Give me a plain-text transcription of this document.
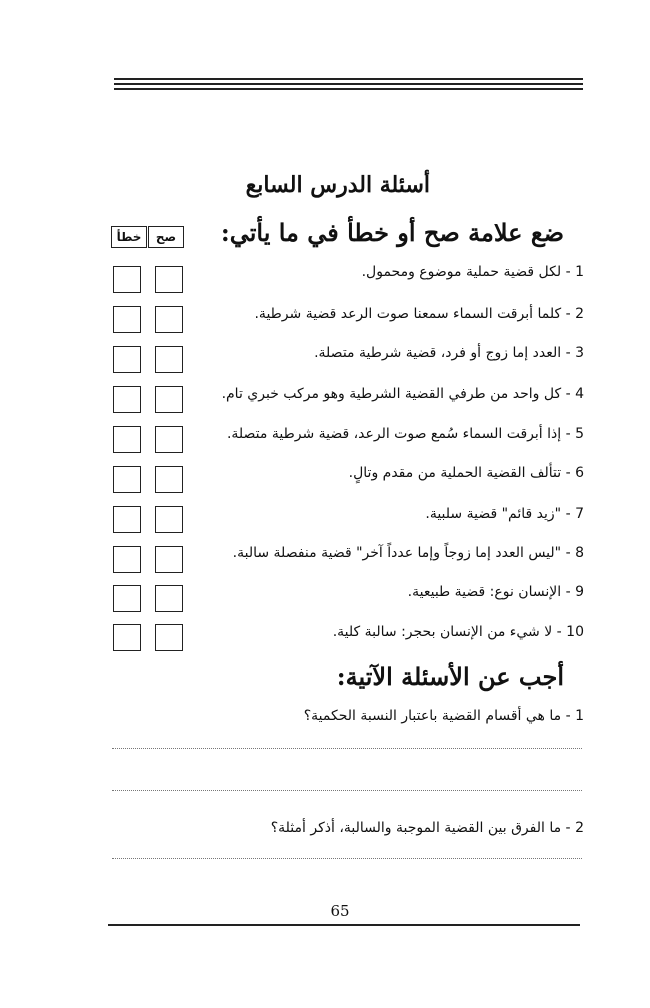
أسئلة الدرس السابع
ضع علامة صح أو خطأ في ما يأتي:
صح
خطأ
1 - لكل قضية حملية موضوع ومحمول.
2 - كلما أبرقت السماء سمعنا صوت الرعد قضية شرطية.
3 - العدد إما زوج أو فرد، قضية شرطية متصلة.
4 - كل واحد من طرفي القضية الشرطية وهو مركب خبري تام.
5 - إذا أبرقت السماء سُمع صوت الرعد، قضية شرطية متصلة.
6 - تتألف القضية الحملية من مقدم وتالٍ.
7 - "زيد قائم" قضية سلبية.
8 - "ليس العدد إما زوجاً وإما عدداً آخر" قضية منفصلة سالبة.
9 - الإنسان نوع: قضية طبيعية.
10 - لا شيء من الإنسان بحجر: سالبة كلية.
أجب عن الأسئلة الآتية:
1 - ما هي أقسام القضية باعتبار النسبة الحكمية؟
2 - ما الفرق بين القضية الموجبة والسالبة، أذكر أمثلة؟
65
